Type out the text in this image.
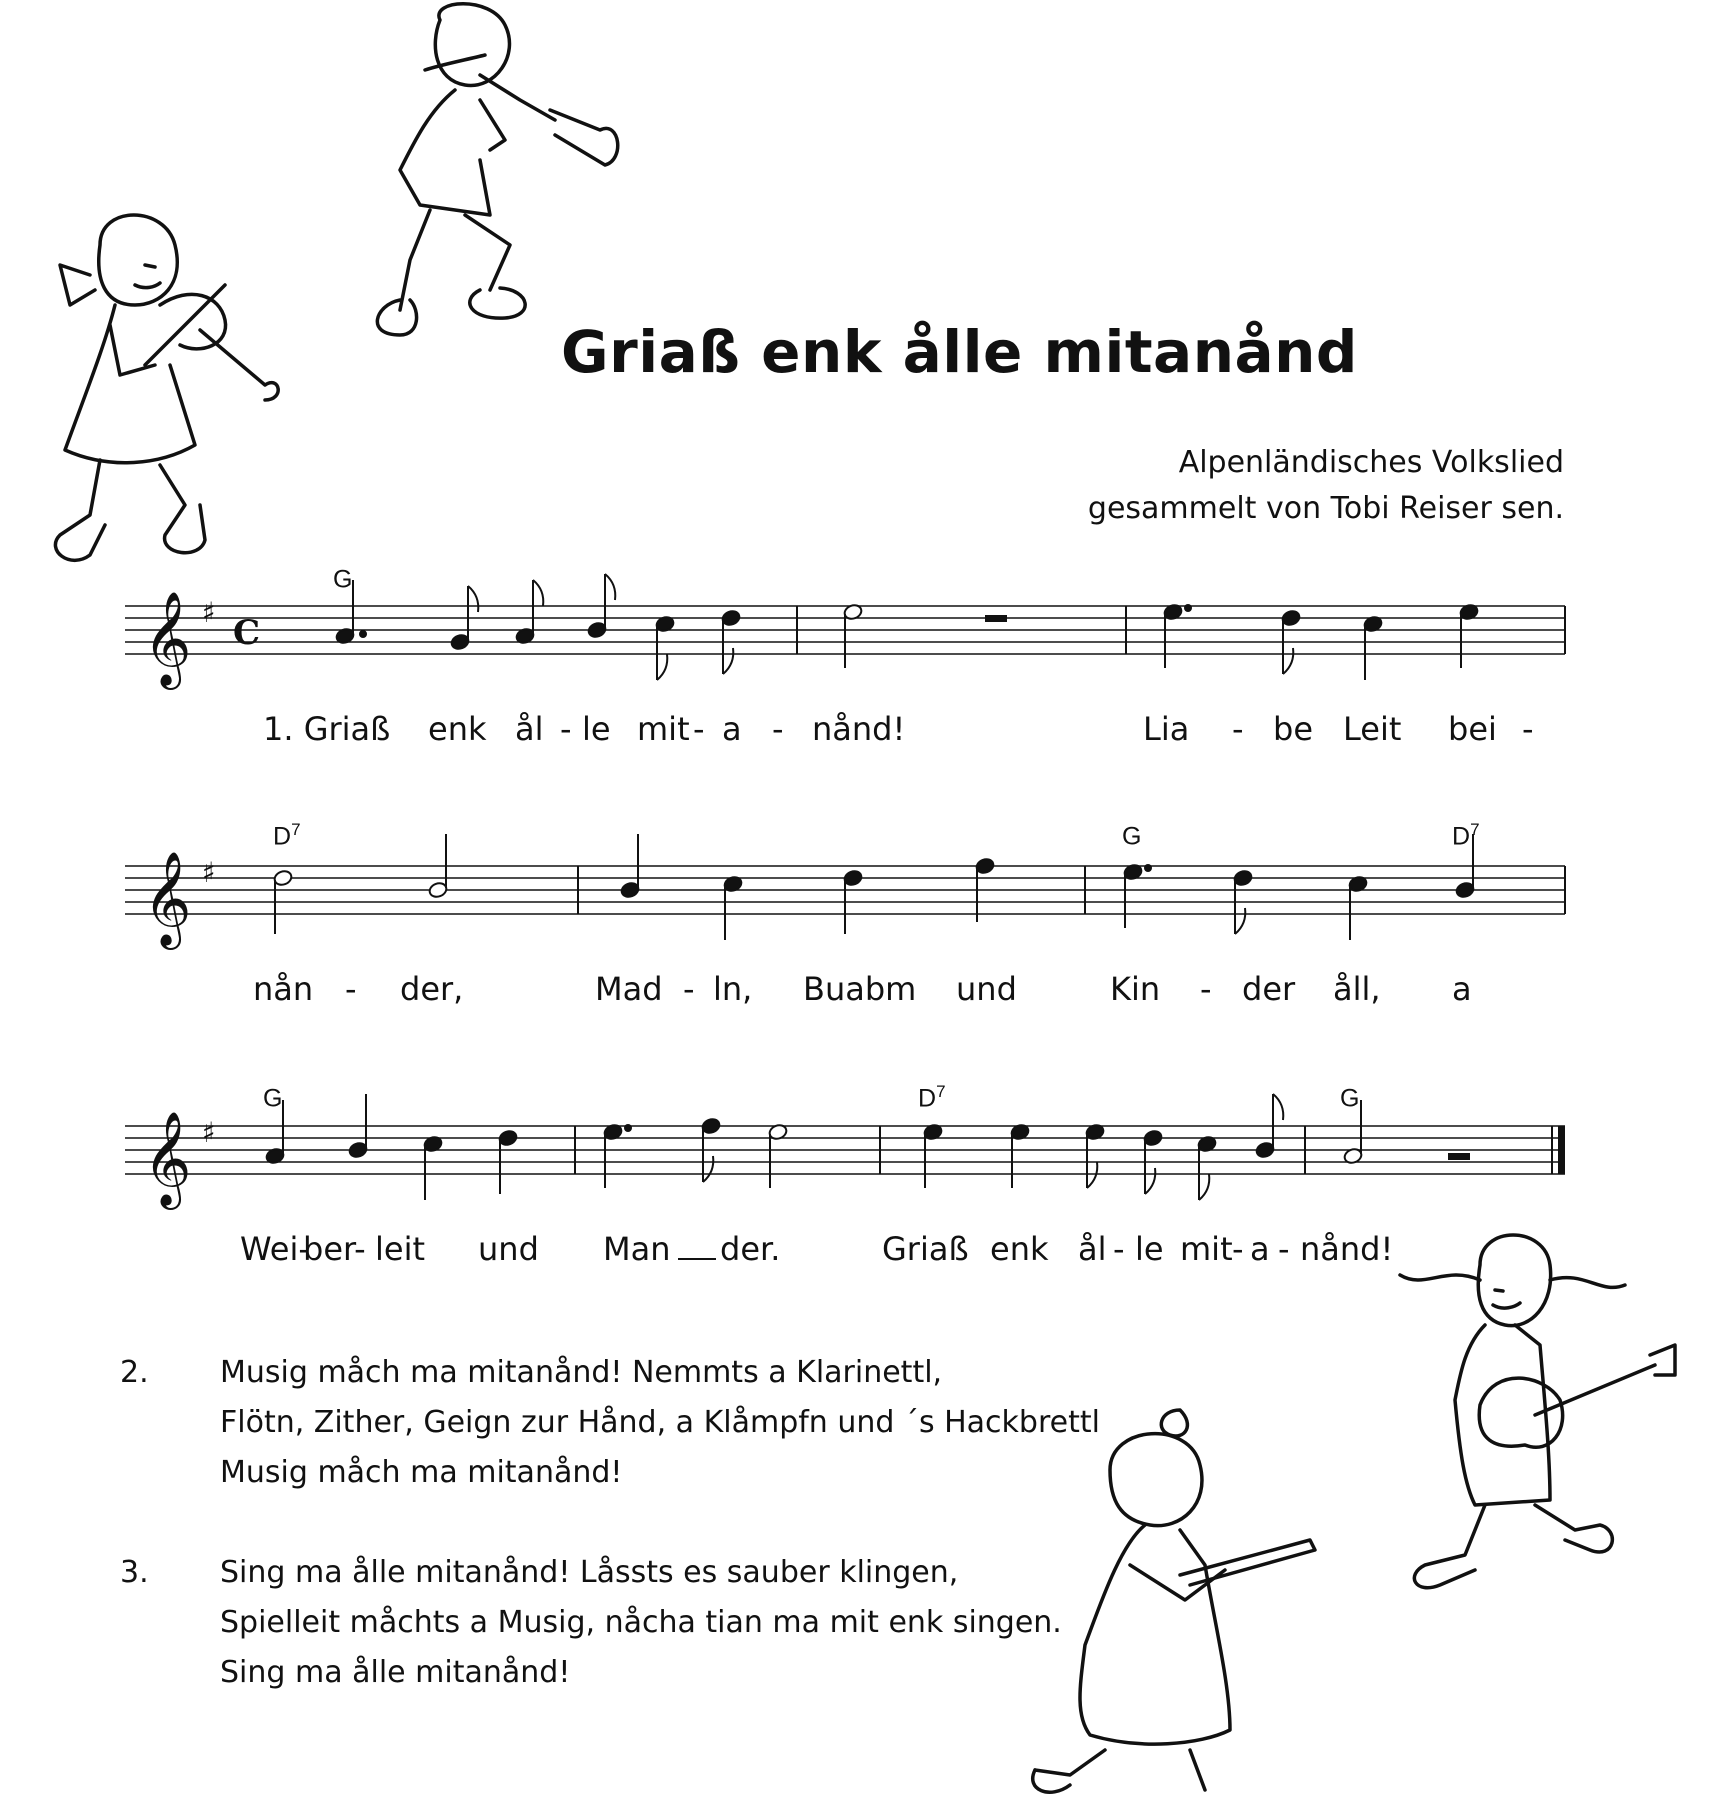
Griaß enk ålle mitanånd
Alpenländisches Volkslied
gesammelt von Tobi Reiser sen.
𝄞 ♯
C
G
1. Griaß enk ål - le mit - a - nånd!	Lia - be Leit bei -
𝄞 ♯
$D^7$	G	$D^7$
nån - der,	Mad - ln, Buabm und	Kin - der åll, a
𝄞 ♯
G	$D^7$	G
Wei-
ber- leit und Man der.	Griaß enk ål - le mit - a - nånd!
2. Musig måch ma mitanånd! Nemmts a Klarinettl,
Flötn, Zither, Geign zur Hånd, a Klåmpfn und ´s Hackbrettl
Musig måch ma mitanånd!
3. Sing ma ålle mitanånd! Låssts es sauber klingen,
Spielleit måchts a Musig, nåcha tian ma mit enk singen.
Sing ma ålle mitanånd!
